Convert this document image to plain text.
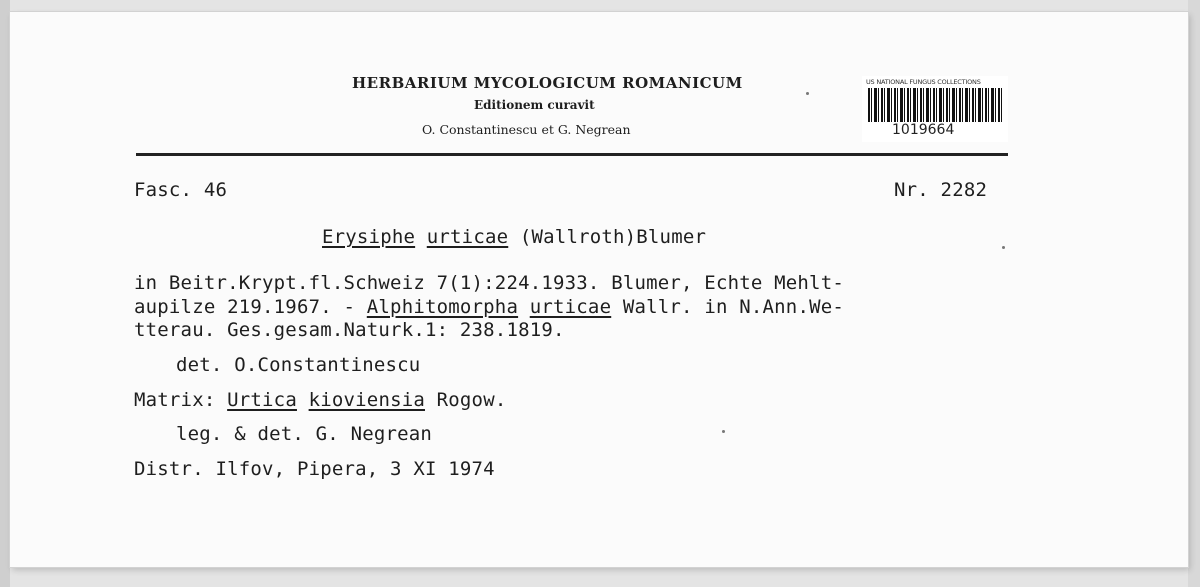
HERBARIUM MYCOLOGICUM ROMANICUM
Editionem curavit
O. Constantinescu et G. Negrean
US NATIONAL FUNGUS COLLECTIONS
1019664
Fasc. 46	Nr. 2282
Erysiphe urticae (Wallroth)Blumer
in Beitr.Krypt.fl.Schweiz 7(1):224.1933. Blumer, Echte Mehlt-
aupilze 219.1967. - Alphitomorpha urticae Wallr. in N.Ann.We-
tterau. Ges.gesam.Naturk.1: 238.1819.
det. O.Constantinescu
Matrix: Urtica kioviensia Rogow.
leg. & det. G. Negrean
Distr. Ilfov, Pipera, 3 XI 1974
